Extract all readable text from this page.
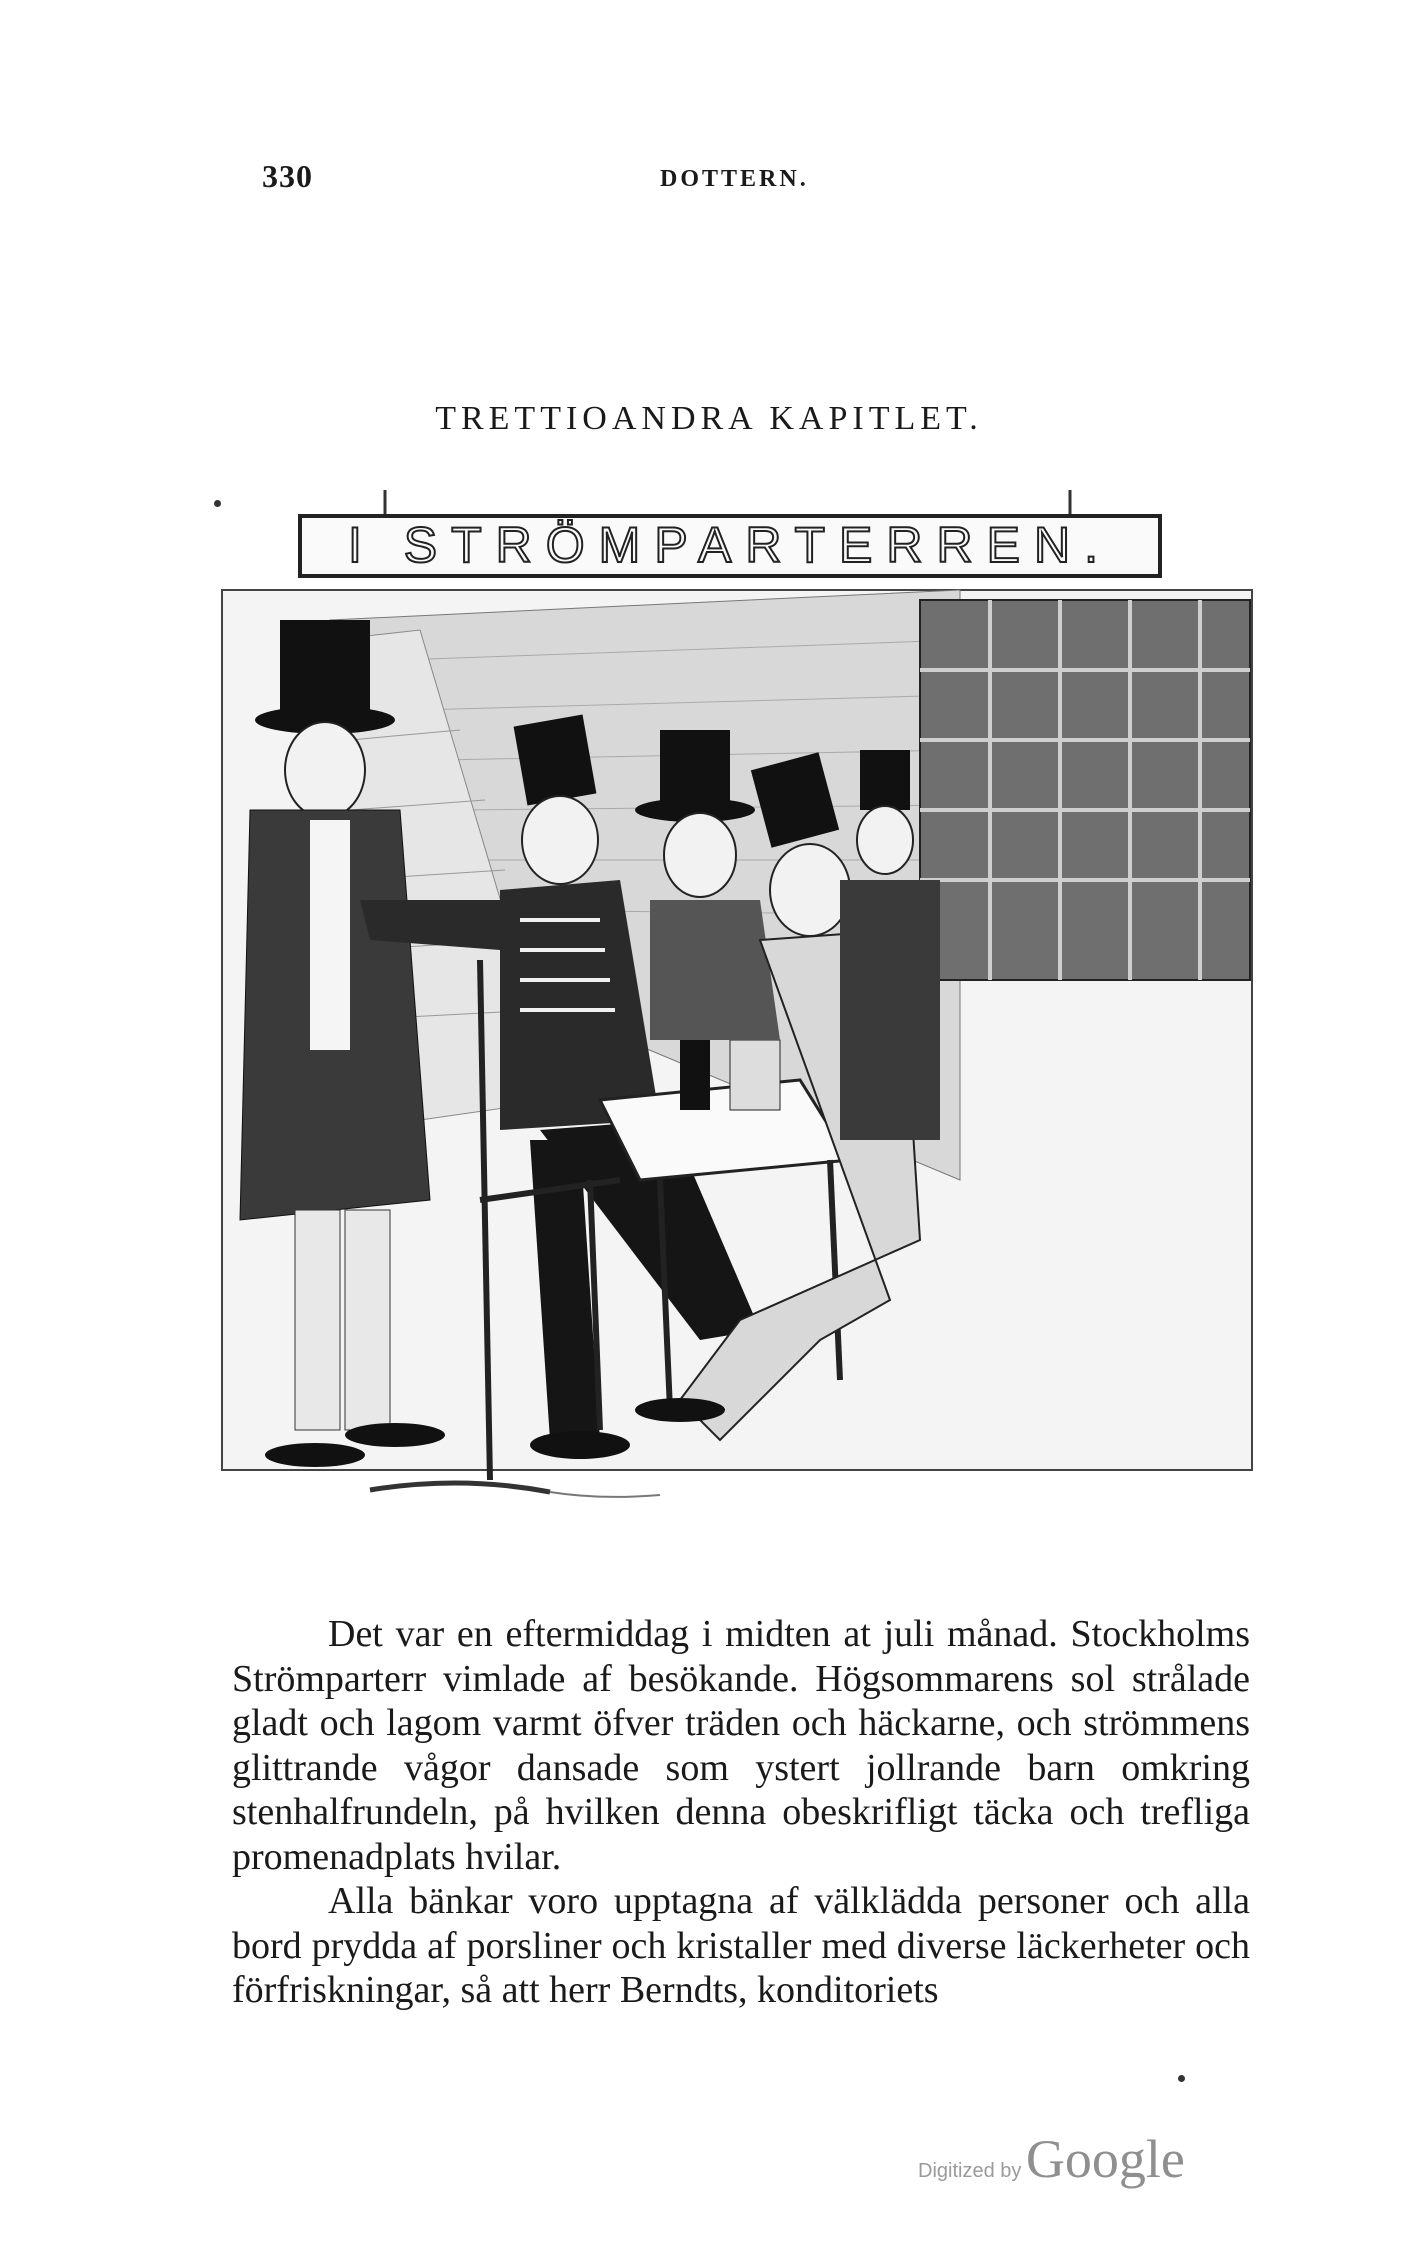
330	DOTTERN.
TRETTIOANDRA KAPITLET.
I STRÖMPARTERREN.

Det var en eftermiddag i midten at juli månad. Stockholms Strömparterr vimlade af besökande. Högsommarens sol strålade gladt och lagom varmt öfver träden och häckarne, och strömmens glittrande vågor dansade som ystert jollrande barn omkring stenhalfrundeln, på hvilken denna obeskrifligt täcka och trefliga promenadplats hvilar.

Alla bänkar voro upptagna af välklädda personer och alla bord prydda af porsliner och kristaller med diverse läckerheter och förfriskningar, så att herr Berndts, konditoriets

Digitized by Google
